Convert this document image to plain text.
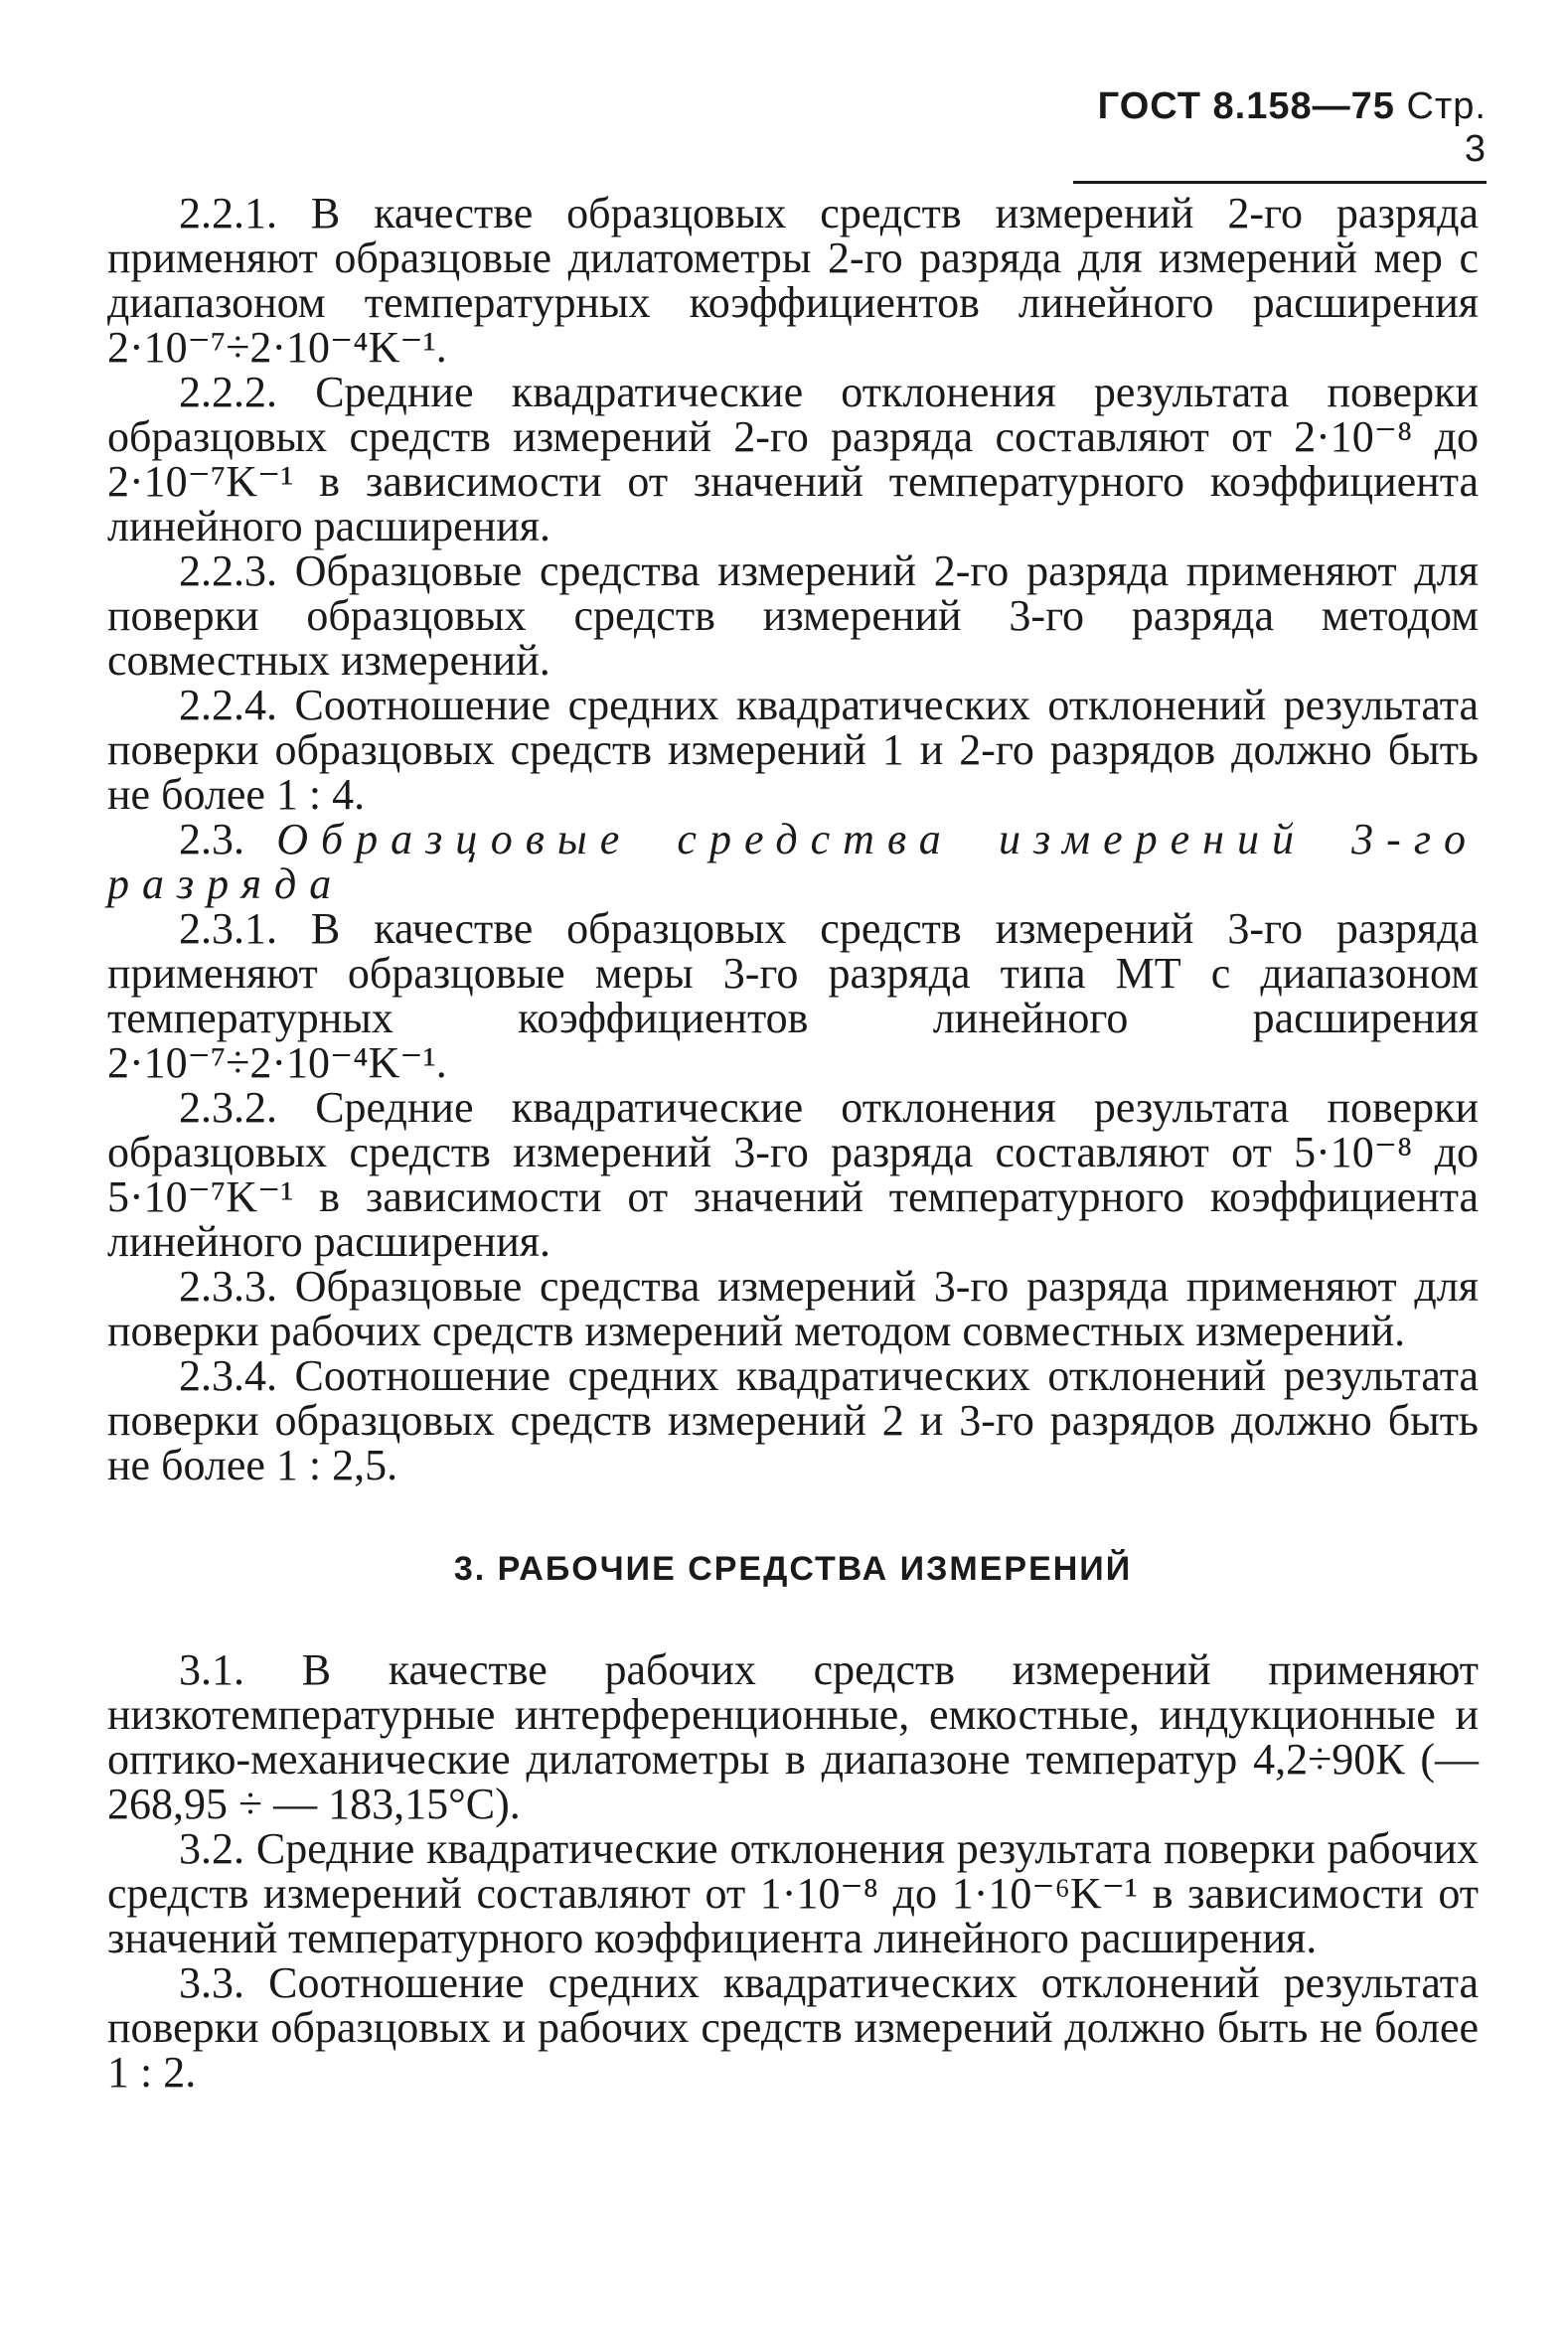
ГОСТ 8.158—75 Стр. 3

2.2.1. В качестве образцовых средств измерений 2-го разряда применяют образцовые дилатометры 2-го разряда для измерений мер с диапазоном температурных коэффициентов линейного расширения 2·10⁻⁷÷2·10⁻⁴K⁻¹.

2.2.2. Средние квадратические отклонения результата поверки образцовых средств измерений 2-го разряда составляют от 2·10⁻⁸ до 2·10⁻⁷K⁻¹ в зависимости от значений температурного коэффициента линейного расширения.

2.2.3. Образцовые средства измерений 2-го разряда применяют для поверки образцовых средств измерений 3-го разряда методом совместных измерений.

2.2.4. Соотношение средних квадратических отклонений результата поверки образцовых средств измерений 1 и 2-го разрядов должно быть не более 1 : 4.

2.3. Образцовые средства измерений 3-го разряда

2.3.1. В качестве образцовых средств измерений 3-го разряда применяют образцовые меры 3-го разряда типа МТ с диапазоном температурных коэффициентов линейного расширения 2·10⁻⁷÷2·10⁻⁴K⁻¹.

2.3.2. Средние квадратические отклонения результата поверки образцовых средств измерений 3-го разряда составляют от 5·10⁻⁸ до 5·10⁻⁷K⁻¹ в зависимости от значений температурного коэффициента линейного расширения.

2.3.3. Образцовые средства измерений 3-го разряда применяют для поверки рабочих средств измерений методом совместных измерений.

2.3.4. Соотношение средних квадратических отклонений результата поверки образцовых средств измерений 2 и 3-го разрядов должно быть не более 1 : 2,5.

3. РАБОЧИЕ СРЕДСТВА ИЗМЕРЕНИЙ

3.1. В качестве рабочих средств измерений применяют низкотемпературные интерференционные, емкостные, индукционные и оптико-механические дилатометры в диапазоне температур 4,2÷90К (—268,95 ÷ — 183,15°С).

3.2. Средние квадратические отклонения результата поверки рабочих средств измерений составляют от 1·10⁻⁸ до 1·10⁻⁶K⁻¹ в зависимости от значений температурного коэффициента линейного расширения.

3.3. Соотношение средних квадратических отклонений результата поверки образцовых и рабочих средств измерений должно быть не более 1 : 2.
